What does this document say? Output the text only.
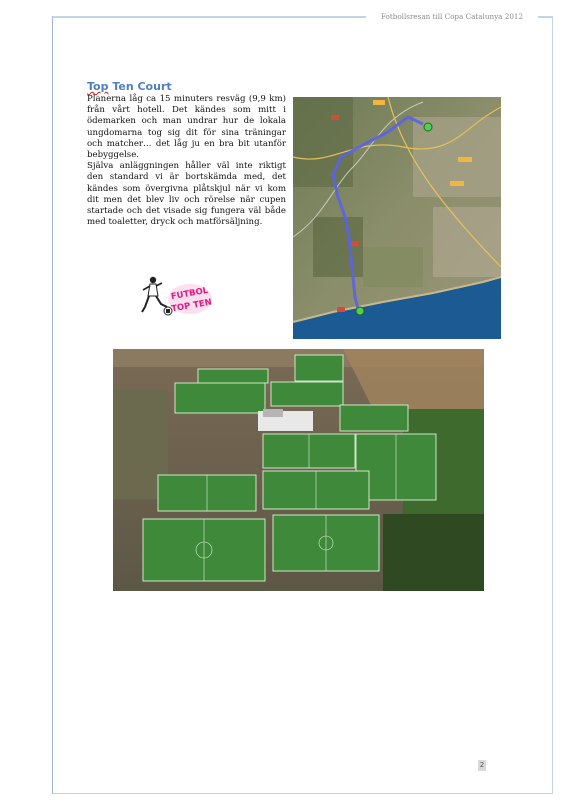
Fotbollsresan till Copa Catalunya 2012
Top Ten Court

Planerna låg ca 15 minuters resväg (9,9 km) från vårt hotell. Det kändes som mitt i ödemarken och man undrar hur de lokala ungdomarna tog sig dit för sina träningar och matcher… det låg ju en bra bit utanför bebyggelse.

Själva anläggningen håller väl inte riktigt den standard vi är bortskämda med, det kändes som övergivna plåtskjul när vi kom dit men det blev liv och rörelse när cupen startade och det visade sig fungera väl både med toaletter, dryck och matförsäljning.

FUTBOL
TOP TEN
2
